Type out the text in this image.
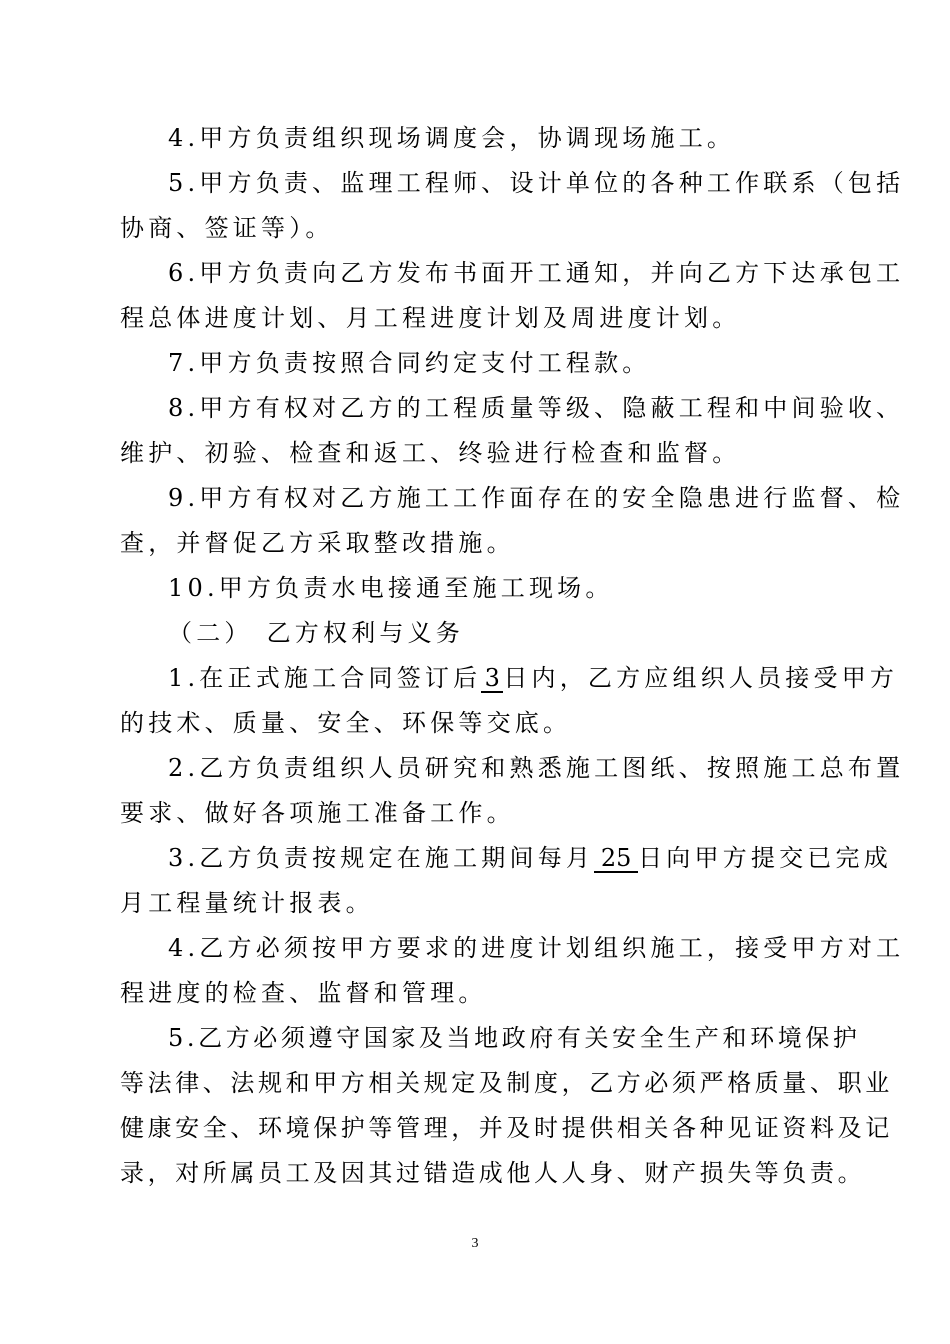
4.甲方负责组织现场调度会，协调现场施工。
5.甲方负责、监理工程师、设计单位的各种工作联系（包括
协商、签证等）。
6.甲方负责向乙方发布书面开工通知，并向乙方下达承包工
程总体进度计划、月工程进度计划及周进度计划。
7.甲方负责按照合同约定支付工程款。
8.甲方有权对乙方的工程质量等级、隐蔽工程和中间验收、
维护、初验、检查和返工、终验进行检查和监督。
9.甲方有权对乙方施工工作面存在的安全隐患进行监督、检
查，并督促乙方采取整改措施。
10.甲方负责水电接通至施工现场。
（二） 乙方权利与义务
1.在正式施工合同签订后 3 日内，乙方应组织人员接受甲方
的技术、质量、安全、环保等交底。
2.乙方负责组织人员研究和熟悉施工图纸、按照施工总布置
要求、做好各项施工准备工作。
3.乙方负责按规定在施工期间每月 25 日向甲方提交已完成
月工程量统计报表。
4.乙方必须按甲方要求的进度计划组织施工，接受甲方对工
程进度的检查、监督和管理。
5.乙方必须遵守国家及当地政府有关安全生产和环境保护
等法律、法规和甲方相关规定及制度，乙方必须严格质量、职业
健康安全、环境保护等管理，并及时提供相关各种见证资料及记
录，对所属员工及因其过错造成他人人身、财产损失等负责。
3
